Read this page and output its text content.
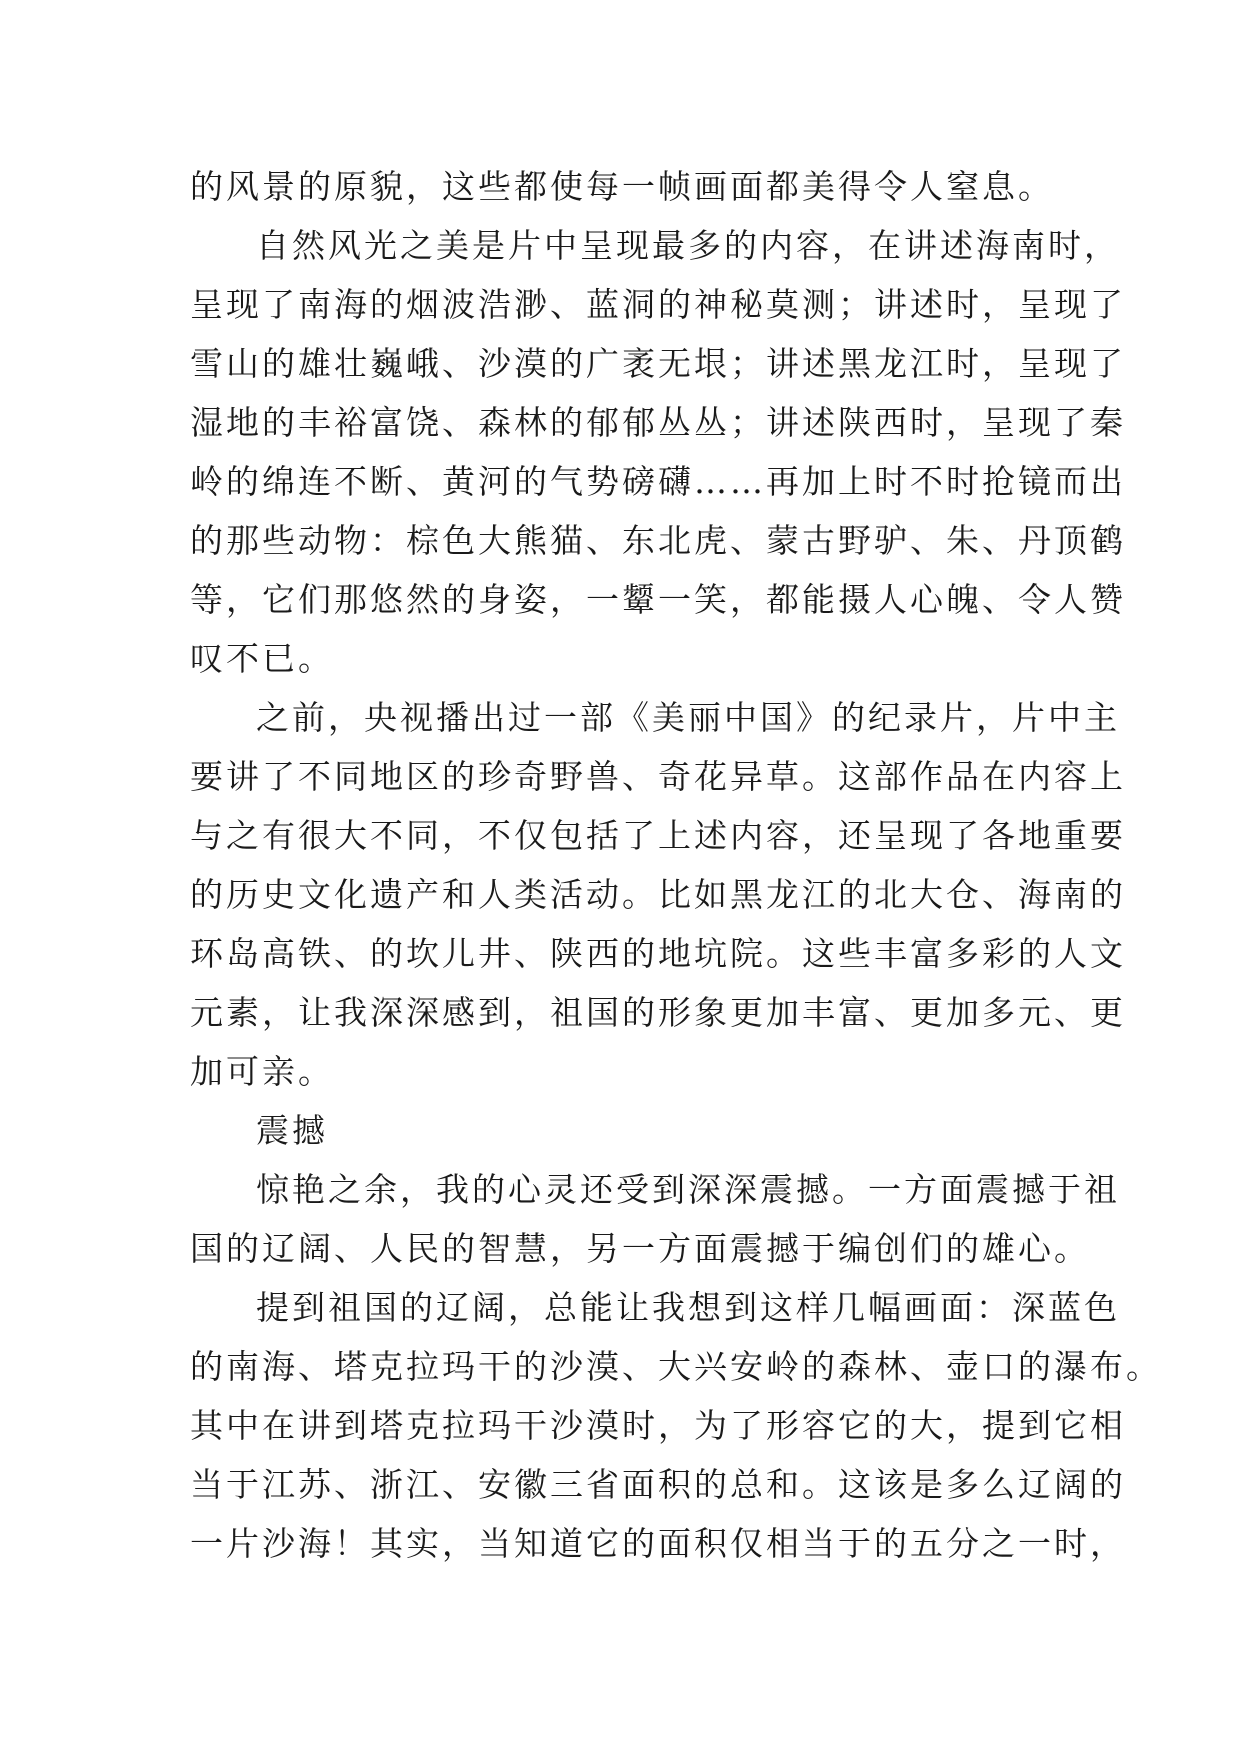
的风景的原貌，这些都使每一帧画面都美得令人窒息。
自然风光之美是片中呈现最多的内容，在讲述海南时，
呈现了南海的烟波浩渺、蓝洞的神秘莫测；讲述时，呈现了
雪山的雄壮巍峨、沙漠的广袤无垠；讲述黑龙江时，呈现了
湿地的丰裕富饶、森林的郁郁丛丛；讲述陕西时，呈现了秦
岭的绵连不断、黄河的气势磅礴……再加上时不时抢镜而出
的那些动物：棕色大熊猫、东北虎、蒙古野驴、朱、丹顶鹤
等，它们那悠然的身姿，一颦一笑，都能摄人心魄、令人赞
叹不已。
之前，央视播出过一部《美丽中国》的纪录片，片中主
要讲了不同地区的珍奇野兽、奇花异草。这部作品在内容上
与之有很大不同，不仅包括了上述内容，还呈现了各地重要
的历史文化遗产和人类活动。比如黑龙江的北大仓、海南的
环岛高铁、的坎儿井、陕西的地坑院。这些丰富多彩的人文
元素，让我深深感到，祖国的形象更加丰富、更加多元、更
加可亲。
震撼
惊艳之余，我的心灵还受到深深震撼。一方面震撼于祖
国的辽阔、人民的智慧，另一方面震撼于编创们的雄心。
提到祖国的辽阔，总能让我想到这样几幅画面：深蓝色
的南海、塔克拉玛干的沙漠、大兴安岭的森林、壶口的瀑布。
其中在讲到塔克拉玛干沙漠时，为了形容它的大，提到它相
当于江苏、浙江、安徽三省面积的总和。这该是多么辽阔的
一片沙海！其实，当知道它的面积仅相当于的五分之一时，
